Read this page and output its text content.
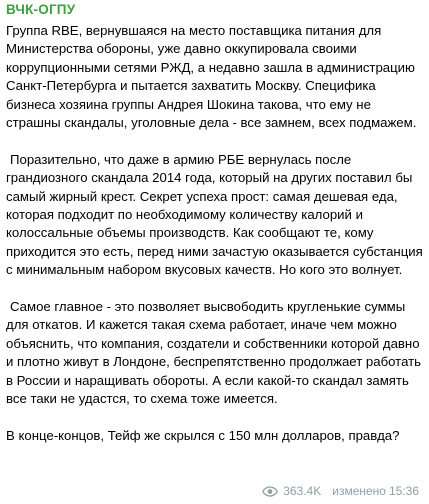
ВЧК-ОГПУ

Группа RBE, вернувшаяся на место поставщика питания для Министерства обороны, уже давно оккупировала своими коррупционными сетями РЖД, а недавно зашла в администрацию Санкт-Петербурга и пытается захватить Москву. Специфика бизнеса хозяина группы Андрея Шокина такова, что ему не страшны скандалы, уголовные дела - все замнем, всех подмажем.

Поразительно, что даже в армию РБЕ вернулась после грандиозного скандала 2014 года, который на других поставил бы самый жирный крест. Секрет успеха прост: самая дешевая еда, которая подходит по необходимому количеству калорий и колоссальные объемы производств. Как сообщают те, кому приходится это есть, перед ними зачастую оказывается субстанция с минимальным набором вкусовых качеств. Но кого это волнует.

Самое главное - это позволяет высвободить кругленькие суммы для откатов. И кажется такая схема работает, иначе чем можно объяснить, что компания, создатели и собственники которой давно и плотно живут в Лондоне, беспрепятственно продолжает работать в России и наращивать обороты. А если какой-то скандал замять все таки не удастся, то схема тоже имеется.

В конце-концов, Тейф же скрылся с 150 млн долларов, правда?

363.4K изменено 15:36
